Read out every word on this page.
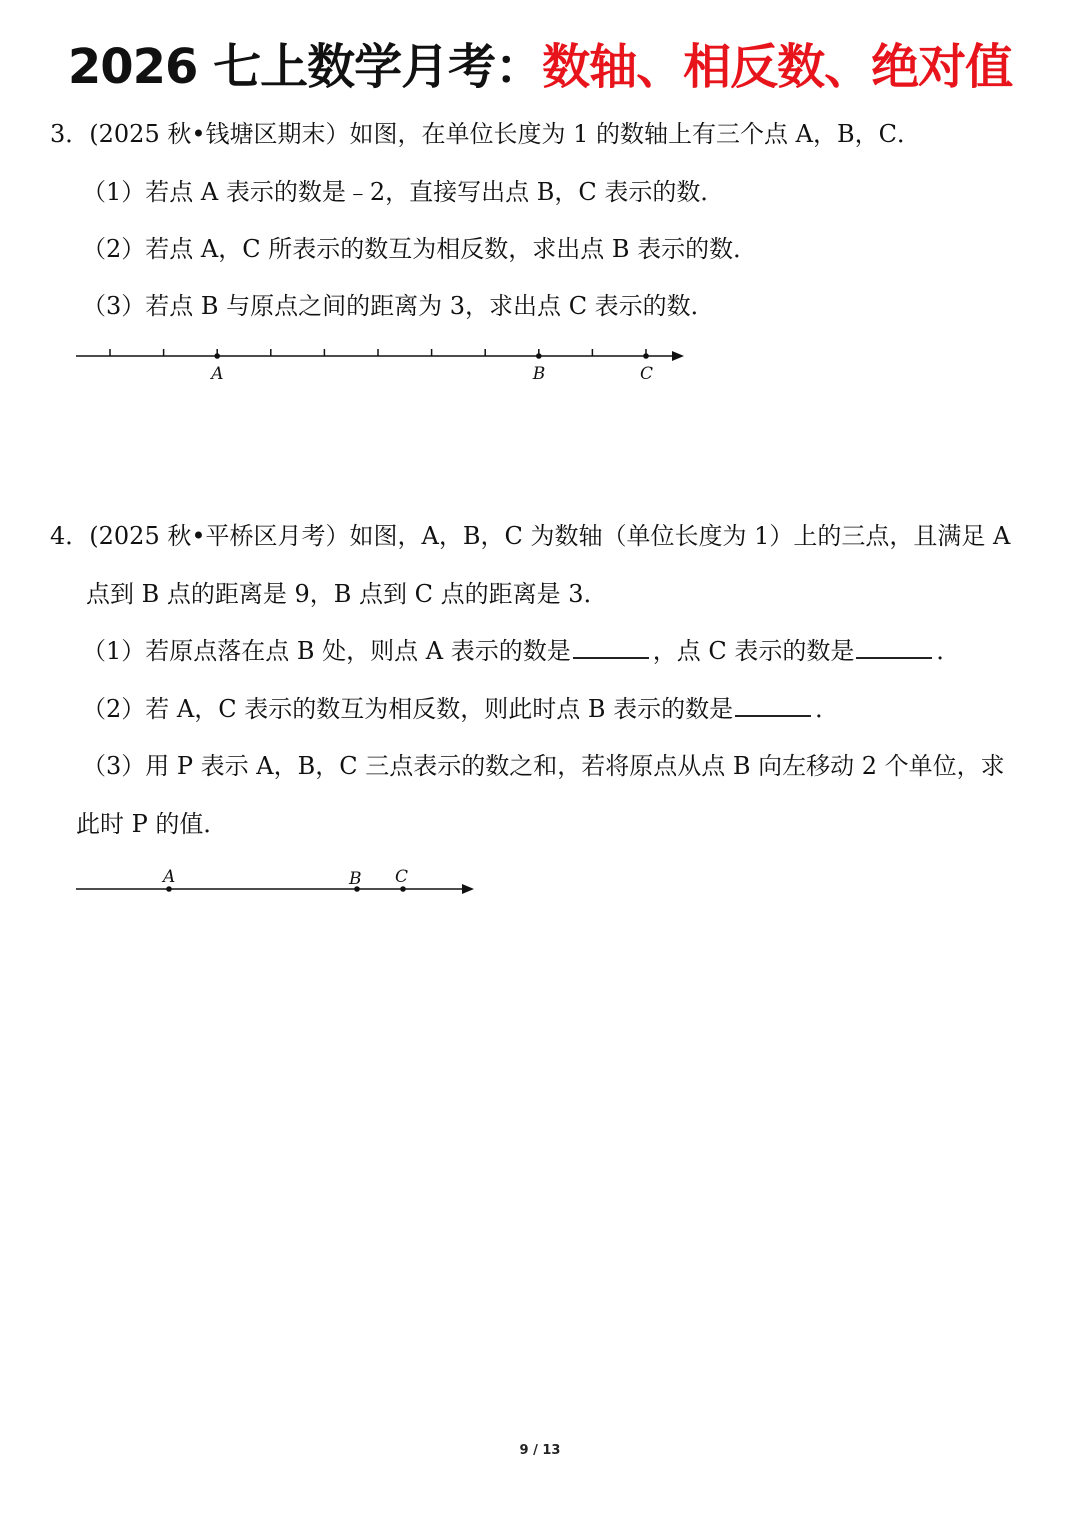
2026 七上数学月考：数轴、相反数、绝对值
3．(2025 秋•钱塘区期末）如图，在单位长度为 1 的数轴上有三个点 A，B，C．
（1）若点 A 表示的数是﹣2，直接写出点 B，C 表示的数．
（2）若点 A，C 所表示的数互为相反数，求出点 B 表示的数．
（3）若点 B 与原点之间的距离为 3，求出点 C 表示的数．
A	B	C
4．(2025 秋•平桥区月考）如图，A，B，C 为数轴（单位长度为 1）上的三点，且满足 A
点到 B 点的距离是 9，B 点到 C 点的距离是 3．
（1）若原点落在点 B 处，则点 A 表示的数是	，点 C 表示的数是	．
（2）若 A，C 表示的数互为相反数，则此时点 B 表示的数是	．
（3）用 P 表示 A，B，C 三点表示的数之和，若将原点从点 B 向左移动 2 个单位，求
此时 P 的值．
A	B C
9 / 13
